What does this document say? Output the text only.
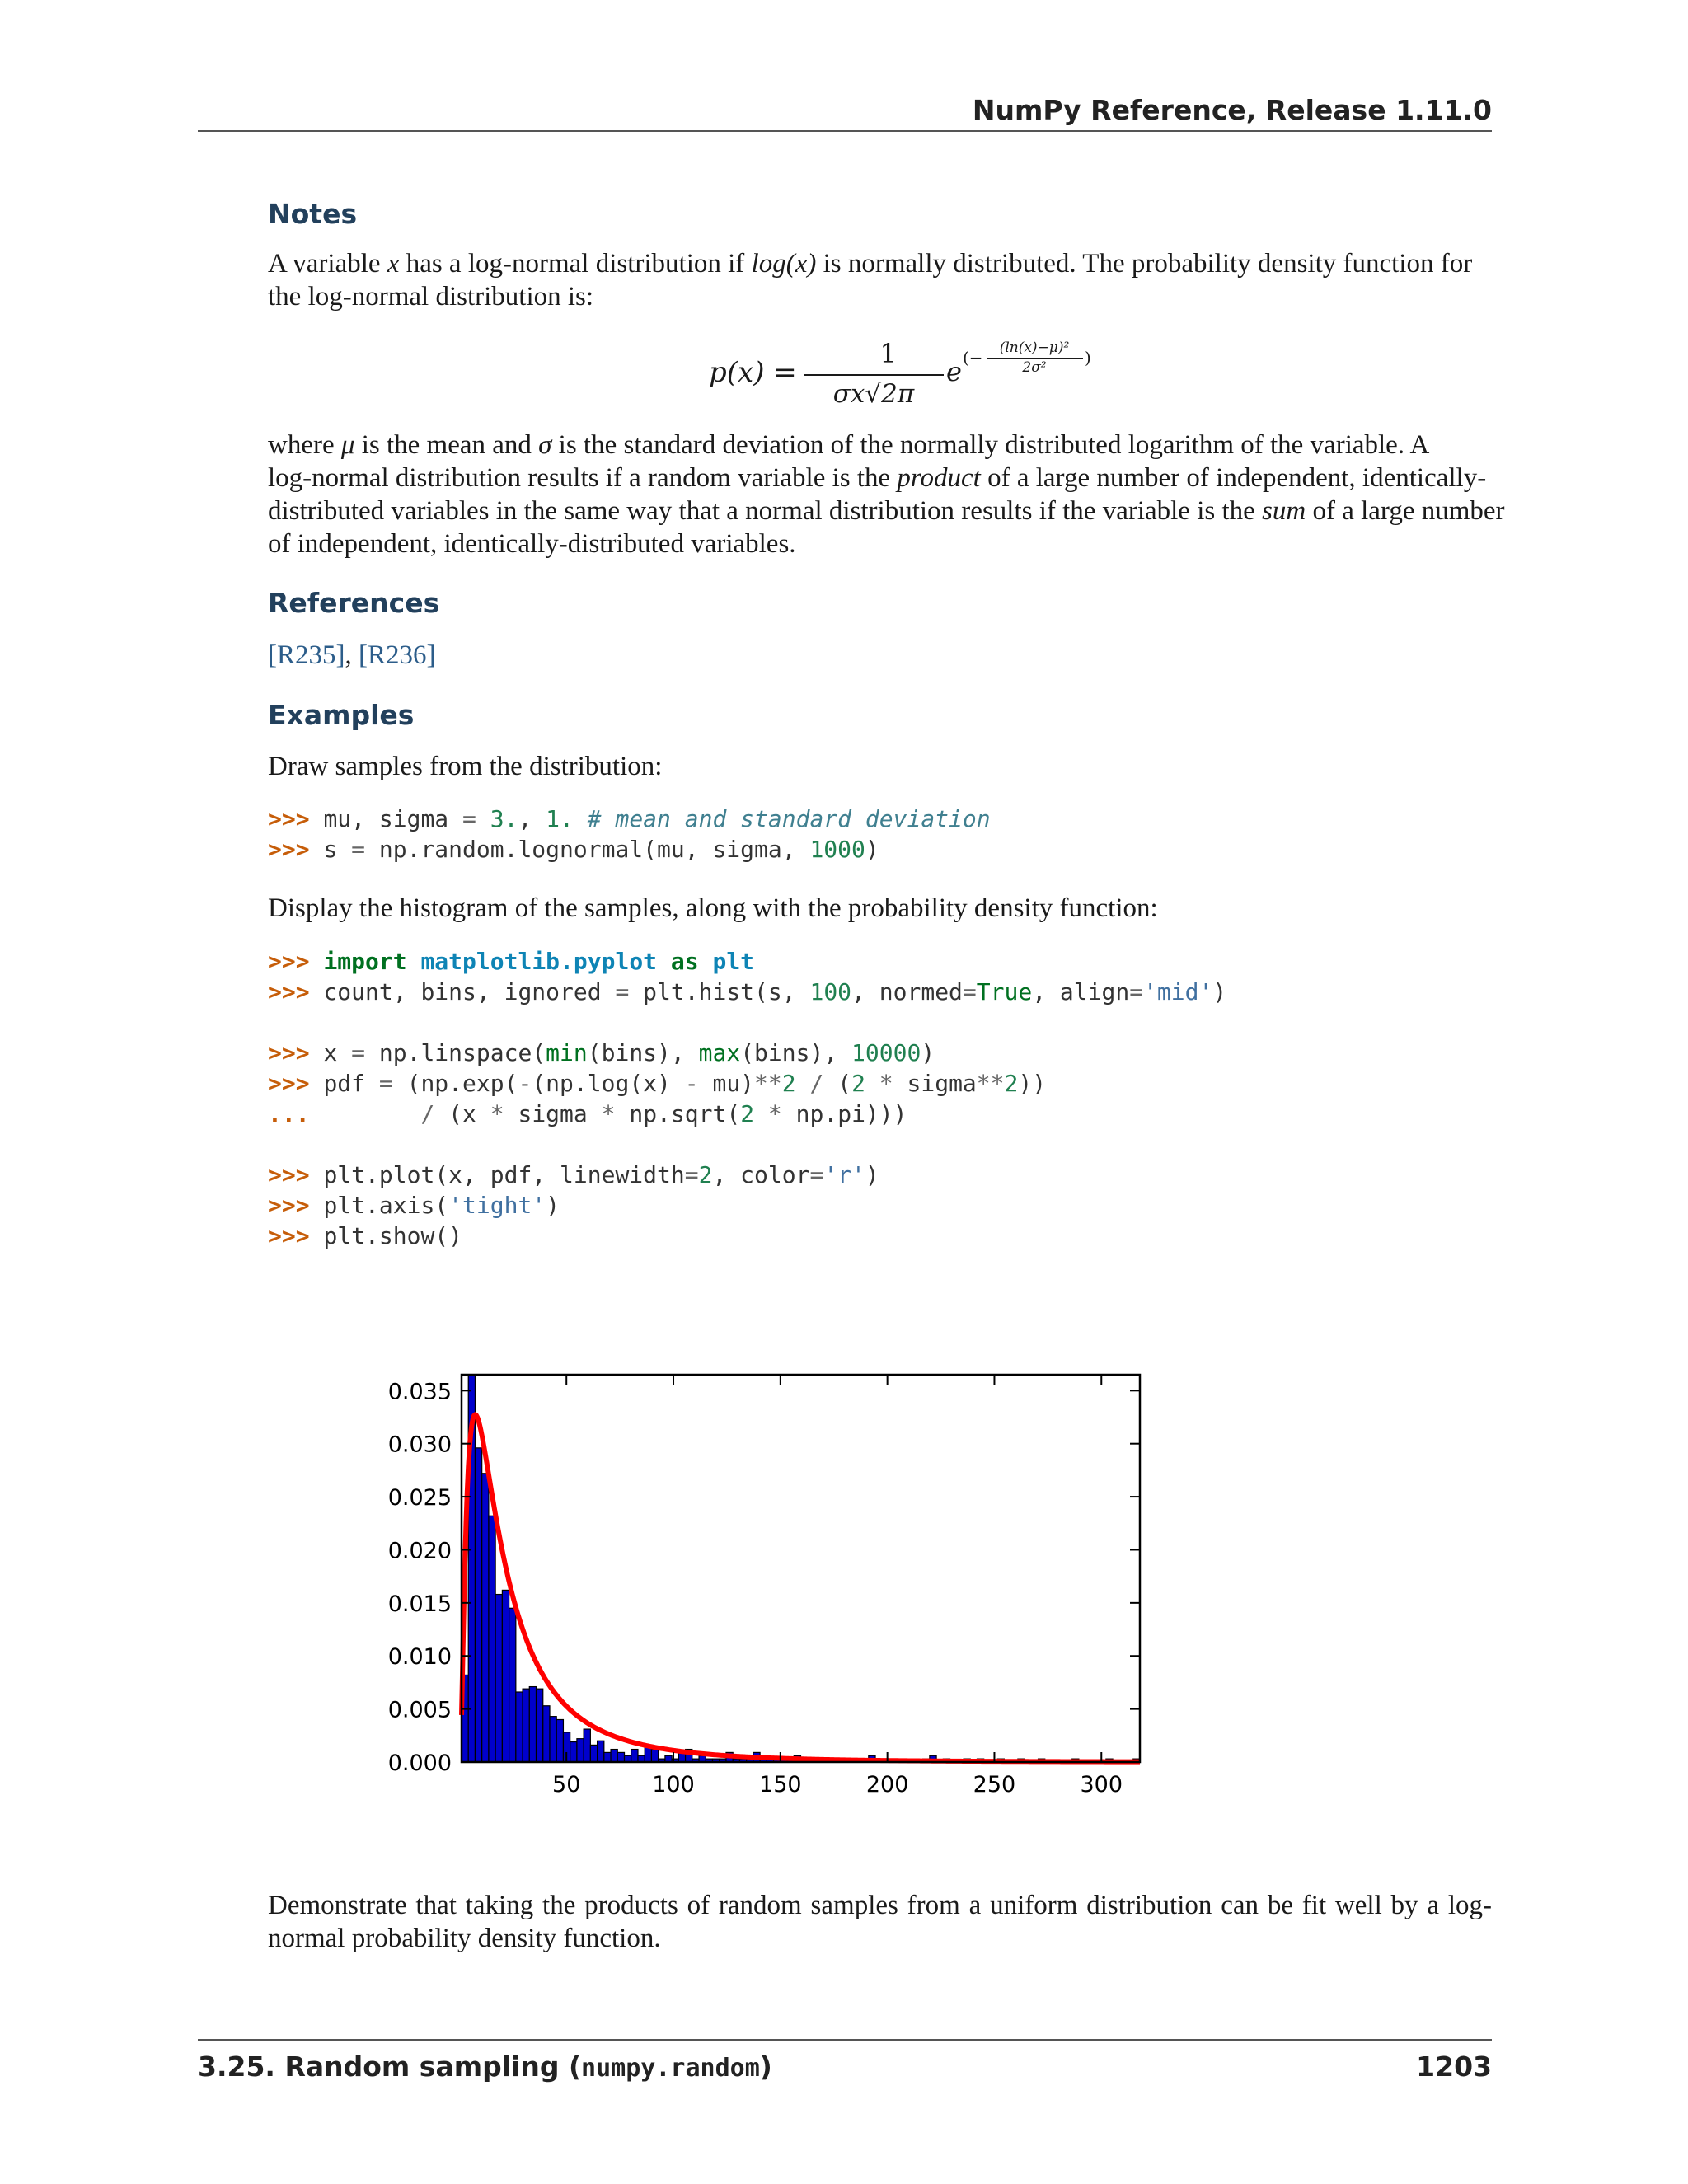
NumPy Reference, Release 1.11.0
Notes
A variable x has a log-normal distribution if log(x) is normally distributed. The probability density function for
the log-normal distribution is:
p(x) =
1
σx√2π
e (−	(ln(x)−μ)²
2σ²	)
where μ is the mean and σ is the standard deviation of the normally distributed logarithm of the variable. A
log-normal distribution results if a random variable is the product of a large number of independent, identically-
distributed variables in the same way that a normal distribution results if the variable is the sum of a large number
of independent, identically-distributed variables.
References
[R235], [R236]
Examples
Draw samples from the distribution:
>>> mu, sigma = 3., 1. # mean and standard deviation
>>> s = np.random.lognormal(mu, sigma, 1000)
Display the histogram of the samples, along with the probability density function:
>>> import matplotlib.pyplot as plt
>>> count, bins, ignored = plt.hist(s, 100, normed=True, align='mid')

>>> x = np.linspace(min(bins), max(bins), 10000)
>>> pdf = (np.exp(-(np.log(x) - mu)**2 / (2 * sigma**2))
...	/ (x * sigma * np.sqrt(2 * np.pi)))

>>> plt.plot(x, pdf, linewidth=2, color='r')
>>> plt.axis('tight')
>>> plt.show()
0.000
0.005
0.010
0.015
0.020
0.025
0.030
0.035
50	100	150	200	250	300
Demonstrate that taking the products of random samples from a uniform distribution can be fit well by a log-
normal probability density function.
3.25. Random sampling (numpy.random)	1203
